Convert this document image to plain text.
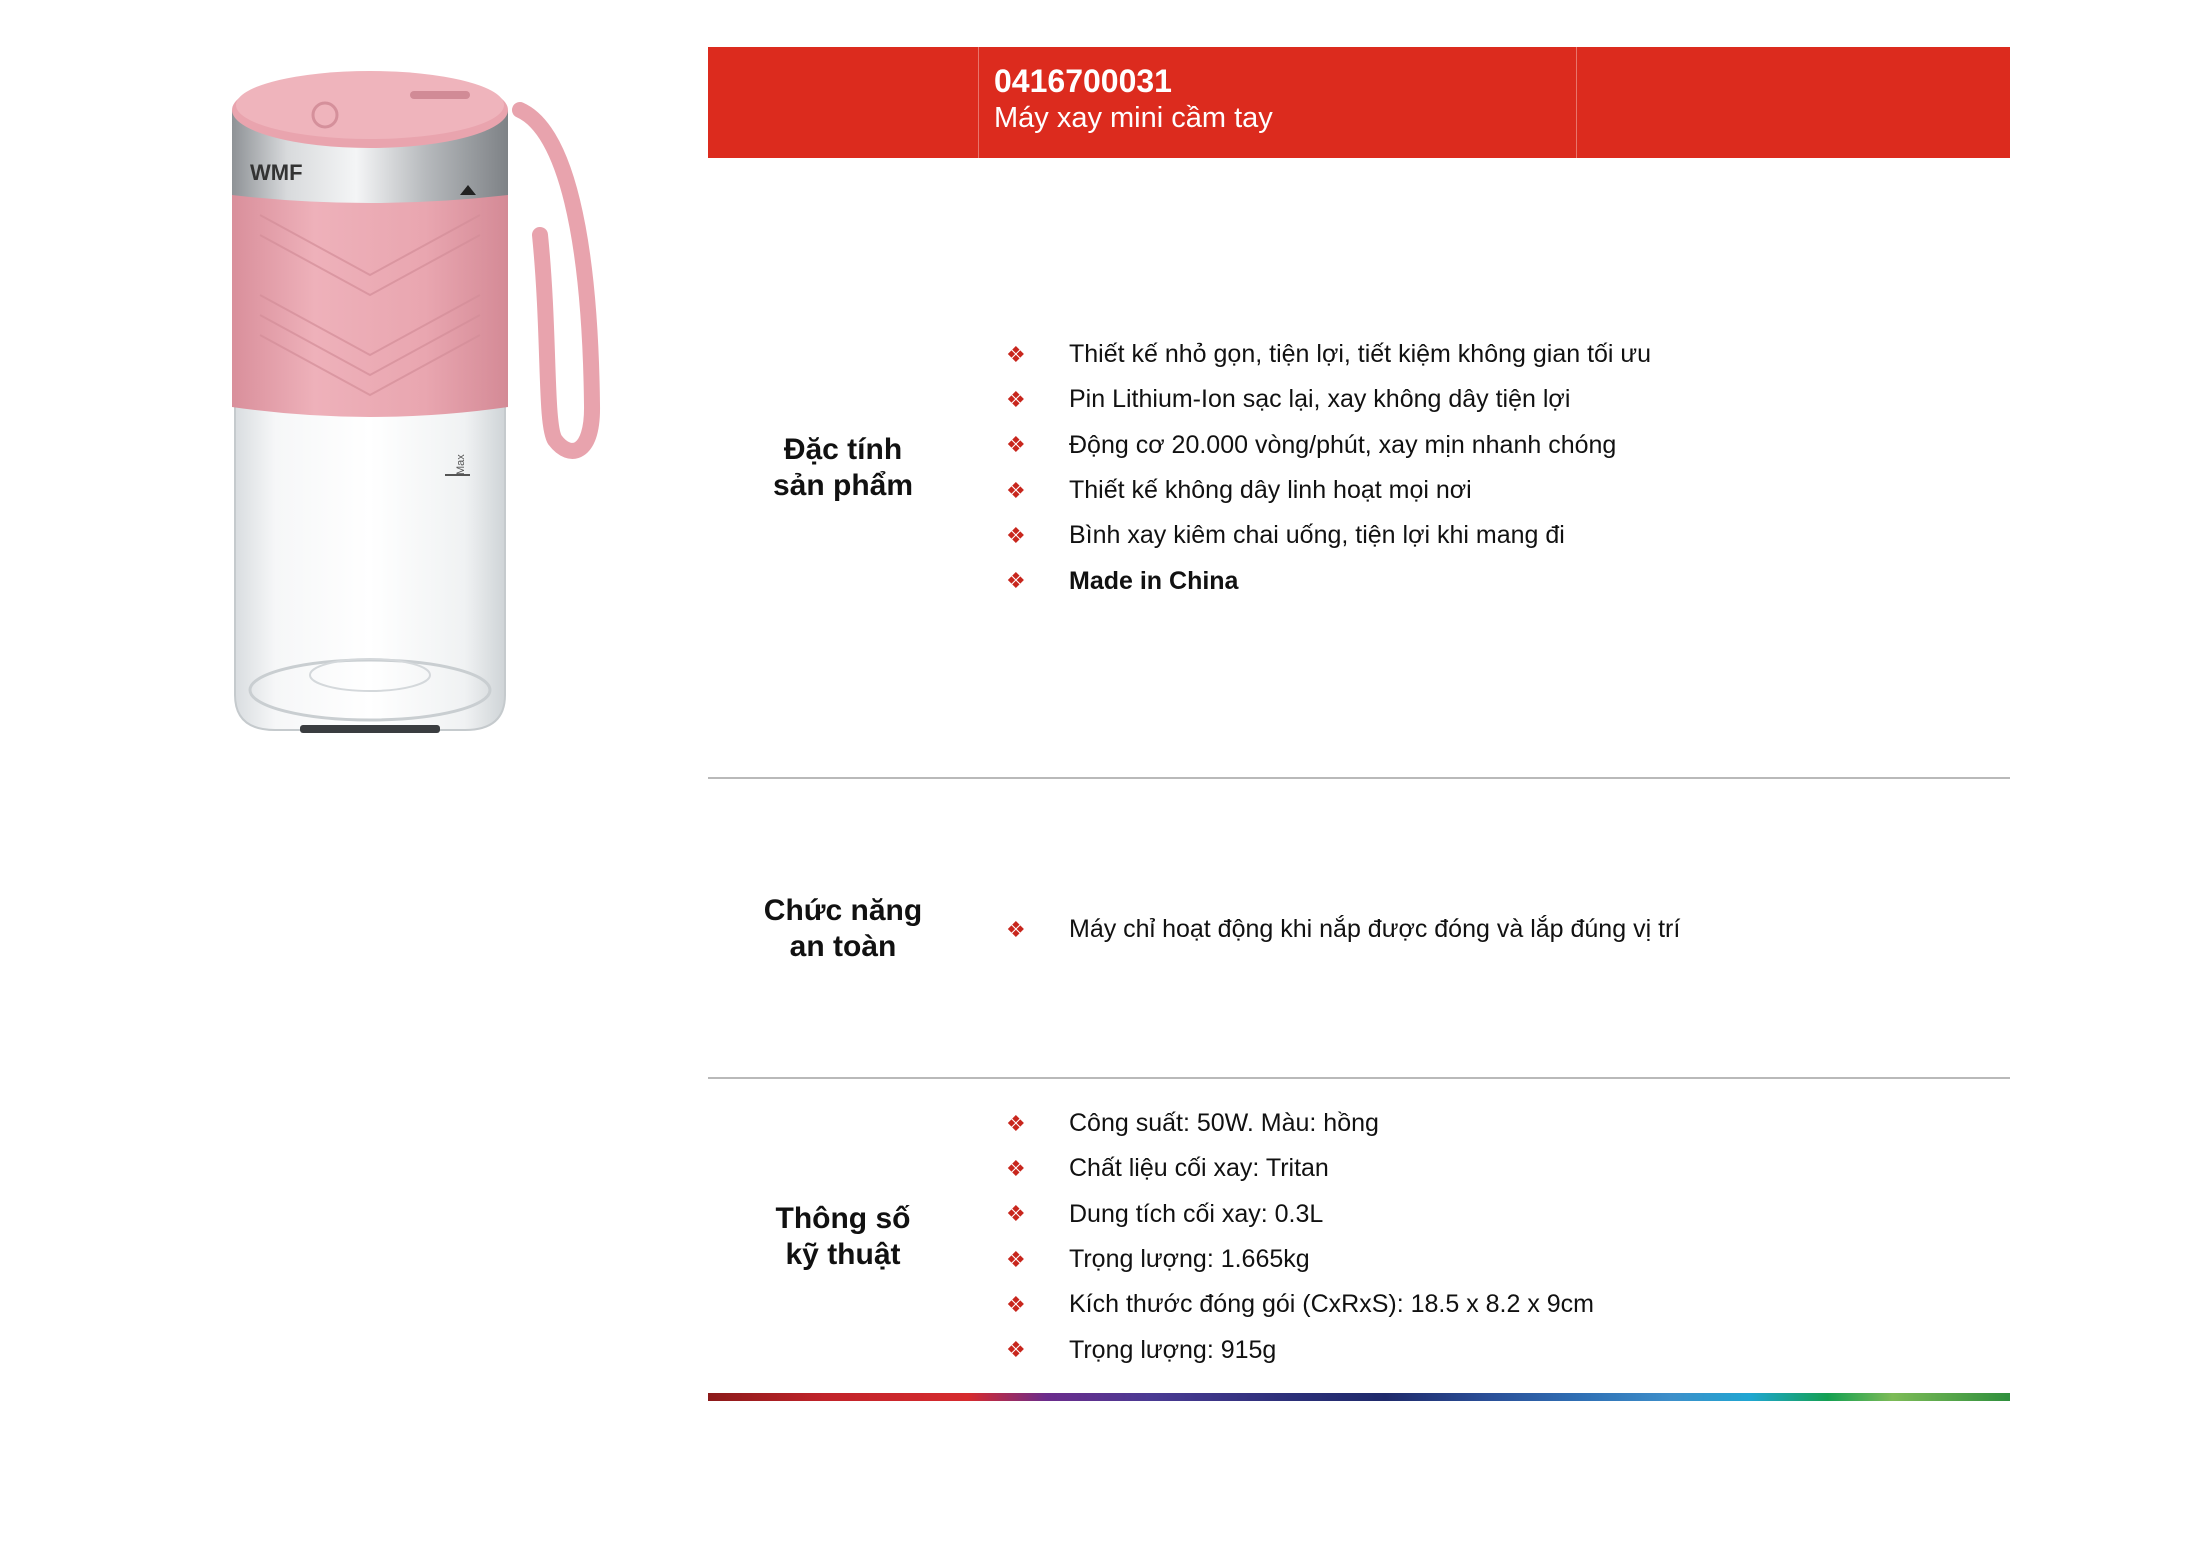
Max
WMF
0416700031
Máy xay mini cầm tay
Đặc tính
sản phẩm
❖	Thiết kế nhỏ gọn, tiện lợi, tiết kiệm không gian tối ưu
❖	Pin Lithium-Ion sạc lại, xay không dây tiện lợi
❖	Động cơ 20.000 vòng/phút, xay mịn nhanh chóng
❖	Thiết kế không dây linh hoạt mọi nơi
❖	Bình xay kiêm chai uống, tiện lợi khi mang đi
❖	Made in China
Chức năng
an toàn
❖	Máy chỉ hoạt động khi nắp được đóng và lắp đúng vị trí
Thông số
kỹ thuật
❖	Công suất: 50W. Màu: hồng
❖	Chất liệu cối xay: Tritan
❖	Dung tích cối xay: 0.3L
❖	Trọng lượng: 1.665kg
❖	Kích thước đóng gói (CxRxS): 18.5 x 8.2 x 9cm
❖	Trọng lượng: 915g
